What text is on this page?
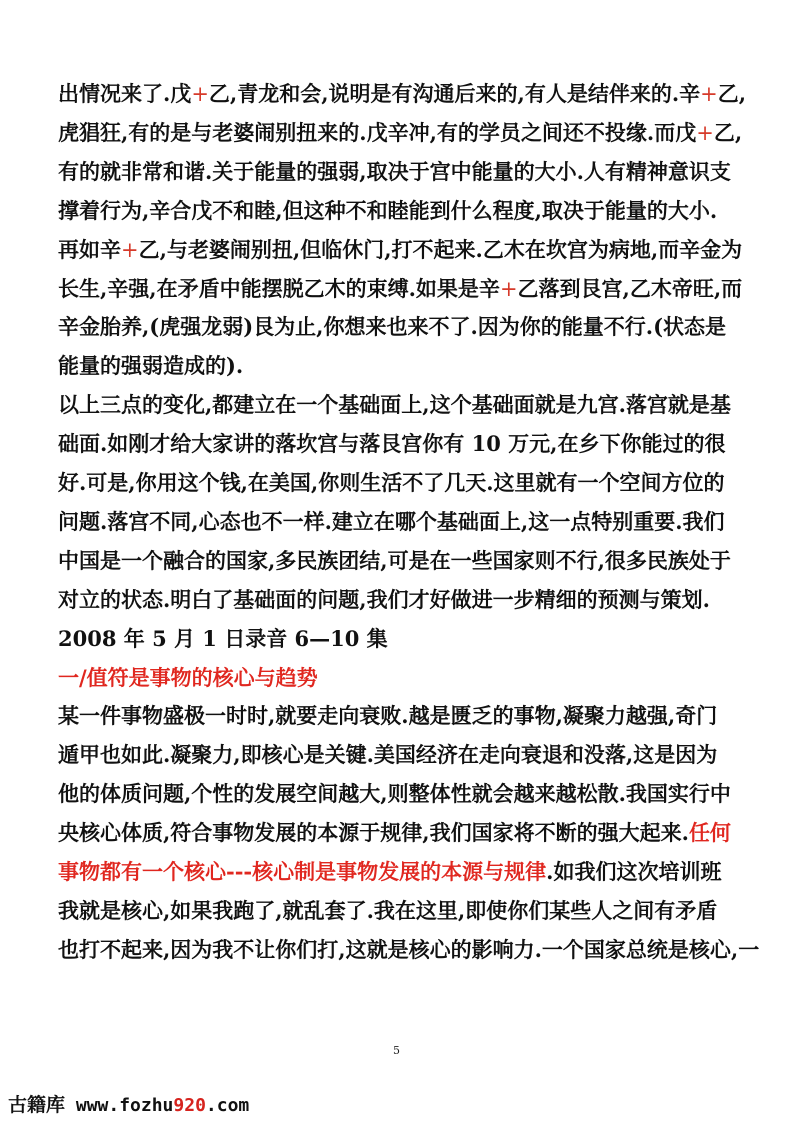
出情况来了.戊+乙,青龙和会,说明是有沟通后来的,有人是结伴来的.辛+乙,
虎猖狂,有的是与老婆闹别扭来的.戊辛冲,有的学员之间还不投缘.而戊+乙,
有的就非常和谐.关于能量的强弱,取决于宫中能量的大小.人有精神意识支
撑着行为,辛合戊不和睦,但这种不和睦能到什么程度,取决于能量的大小.
再如辛+乙,与老婆闹别扭,但临休门,打不起来.乙木在坎宫为病地,而辛金为
长生,辛强,在矛盾中能摆脱乙木的束缚.如果是辛+乙落到艮宫,乙木帝旺,而
辛金胎养,(虎强龙弱)艮为止,你想来也来不了.因为你的能量不行.(状态是
能量的强弱造成的).
以上三点的变化,都建立在一个基础面上,这个基础面就是九宫.落宫就是基
础面.如刚才给大家讲的落坎宫与落艮宫你有 10 万元,在乡下你能过的很
好.可是,你用这个钱,在美国,你则生活不了几天.这里就有一个空间方位的
问题.落宫不同,心态也不一样.建立在哪个基础面上,这一点特别重要.我们
中国是一个融合的国家,多民族团结,可是在一些国家则不行,很多民族处于
对立的状态.明白了基础面的问题,我们才好做进一步精细的预测与策划.
2008 年 5 月 1 日录音 6—10 集
一/值符是事物的核心与趋势
某一件事物盛极一时时,就要走向衰败.越是匮乏的事物,凝聚力越强,奇门
遁甲也如此.凝聚力,即核心是关键.美国经济在走向衰退和没落,这是因为
他的体质问题,个性的发展空间越大,则整体性就会越来越松散.我国实行中
央核心体质,符合事物发展的本源于规律,我们国家将不断的强大起来.任何
事物都有一个核心---核心制是事物发展的本源与规律.如我们这次培训班
我就是核心,如果我跑了,就乱套了.我在这里,即使你们某些人之间有矛盾
也打不起来,因为我不让你们打,这就是核心的影响力.一个国家总统是核心,一
5
古籍库 www.fozhu920.com
